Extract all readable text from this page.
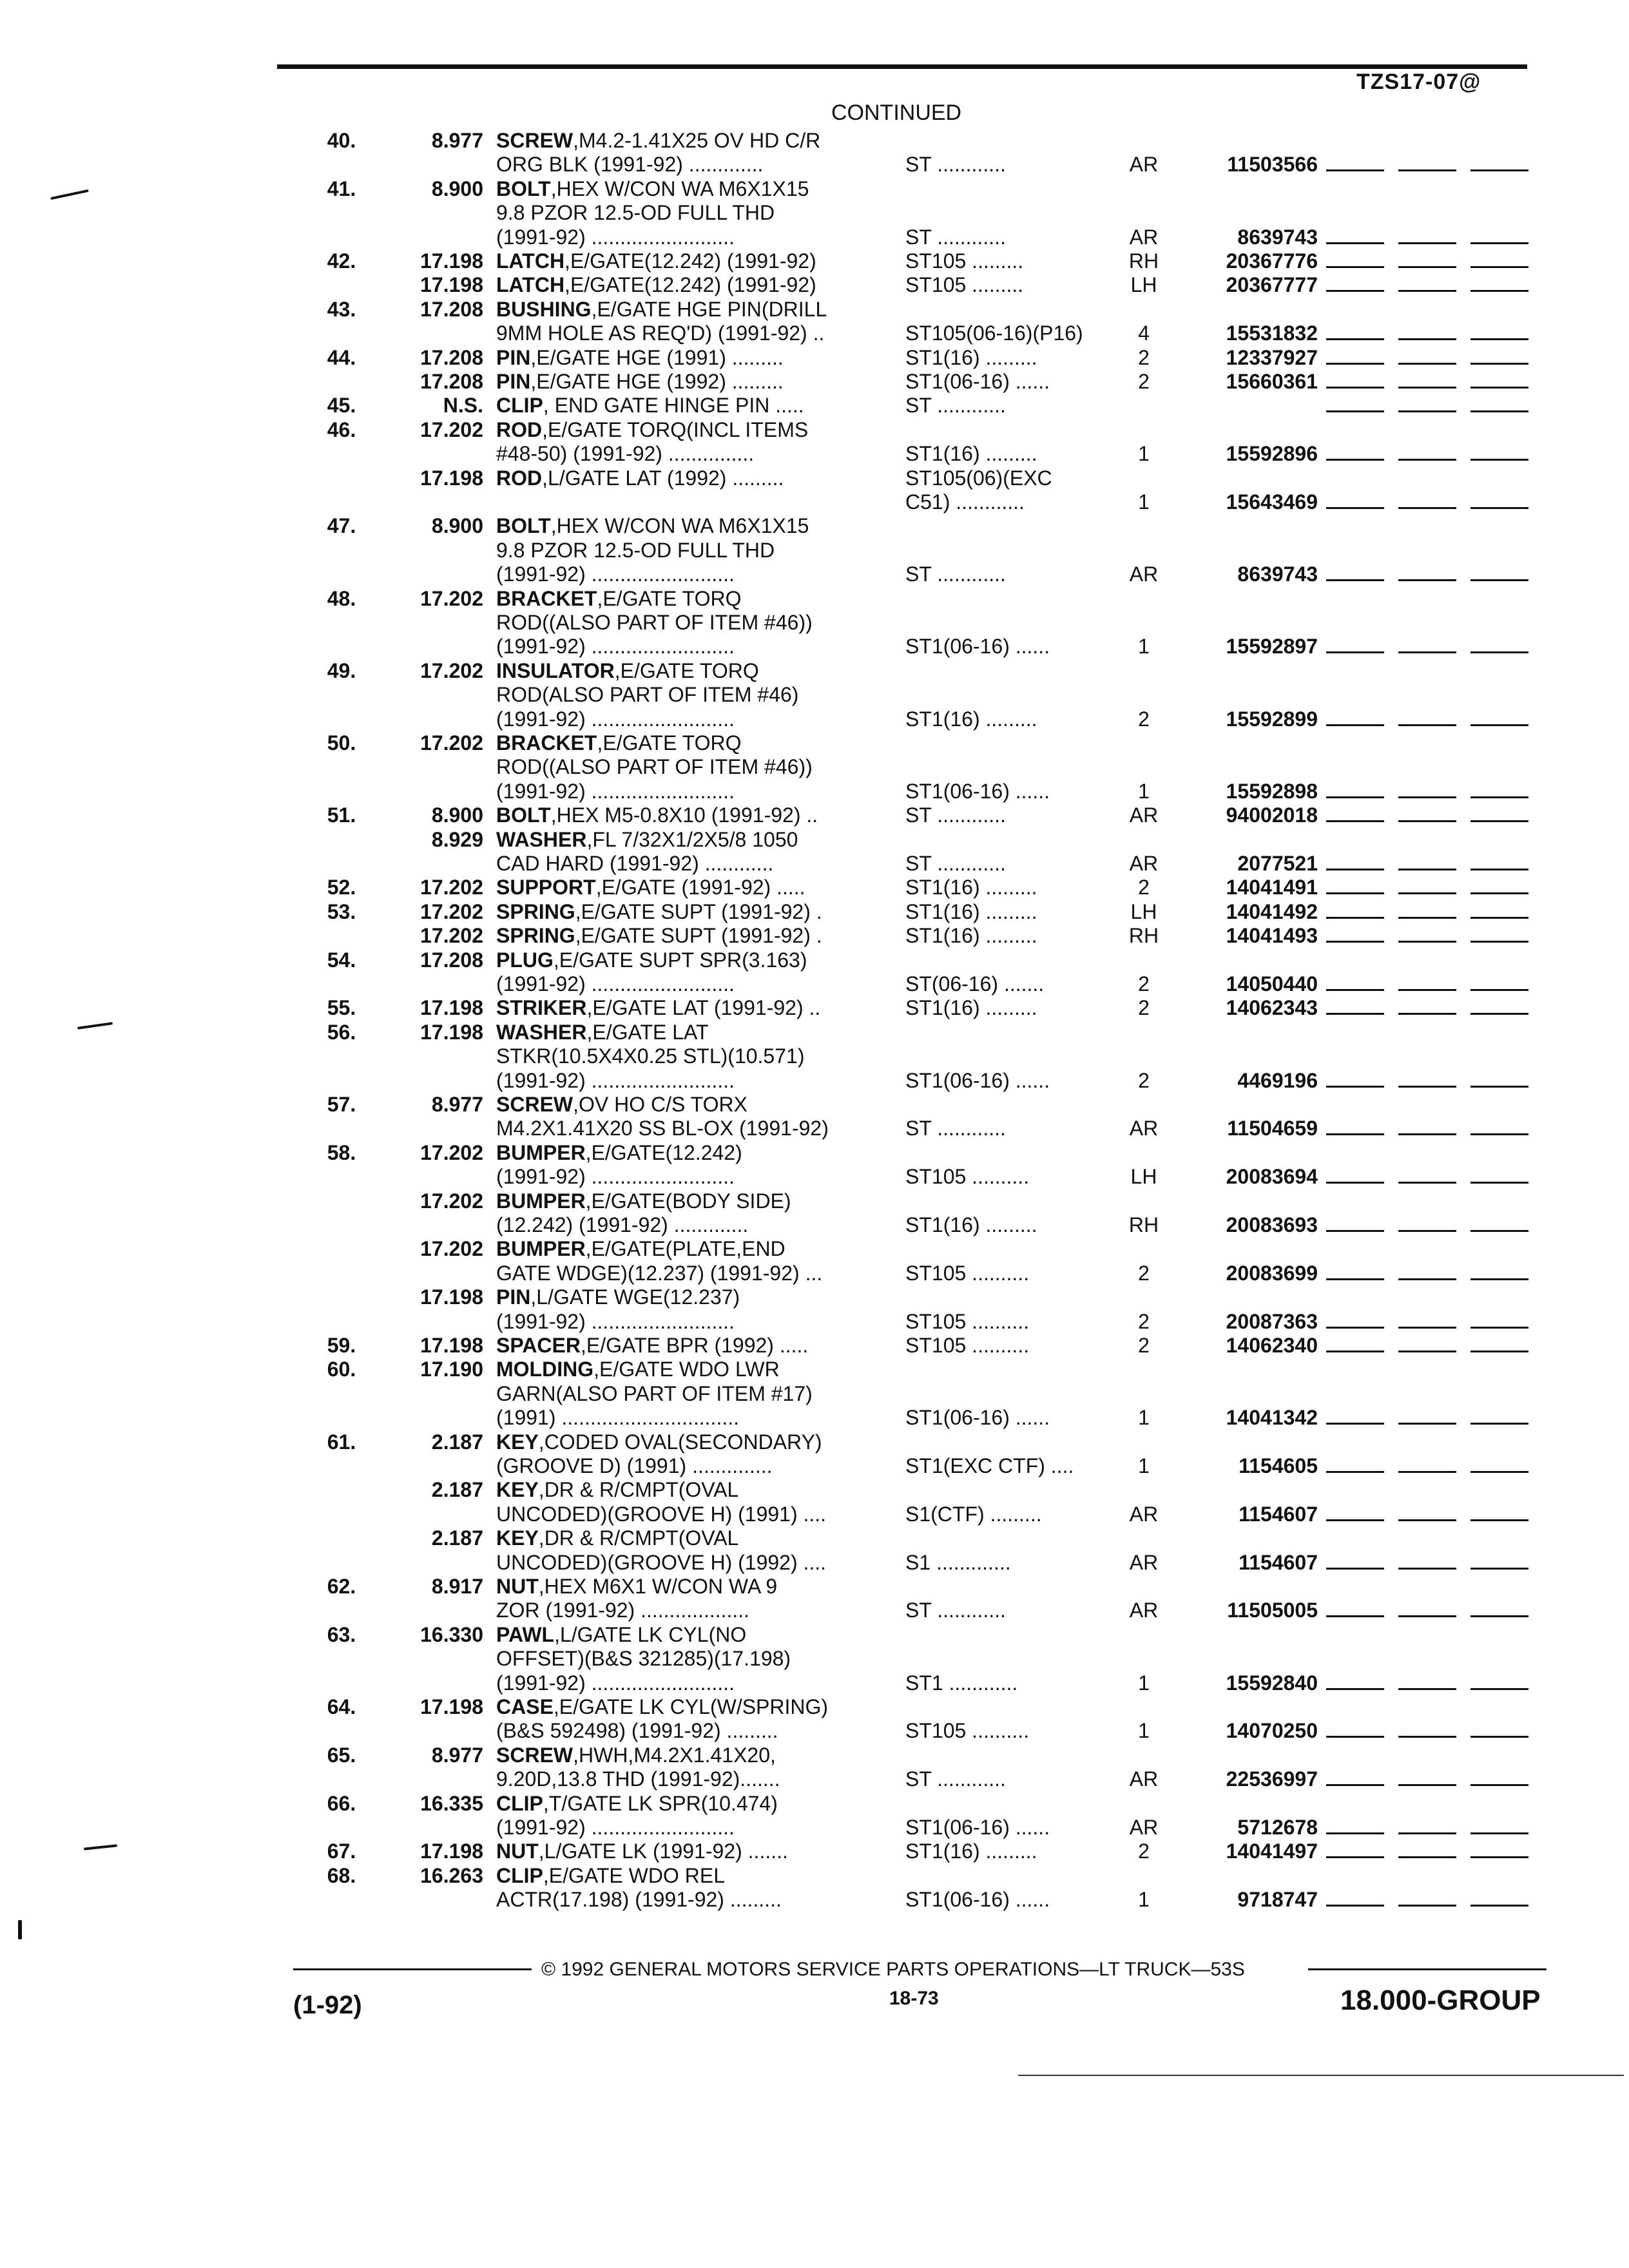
TZS17-07@
CONTINUED
40.	8.977 SCREW,M4.2-1.41X25 OV HD C/R
ORG BLK (1991-92) .............	ST ............	AR	11503566
41.	8.900 BOLT,HEX W/CON WA M6X1X15
9.8 PZOR 12.5-OD FULL THD
(1991-92) .........................	ST ............	AR	8639743
42.	17.198 LATCH,E/GATE(12.242) (1991-92)	ST105 .........	RH	20367776
17.198 LATCH,E/GATE(12.242) (1991-92)	ST105 .........	LH	20367777
43.	17.208 BUSHING,E/GATE HGE PIN(DRILL
9MM HOLE AS REQ'D) (1991-92) ..	ST105(06-16)(P16)	4	15531832
44.	17.208 PIN,E/GATE HGE (1991) .........	ST1(16) .........	2	12337927
17.208 PIN,E/GATE HGE (1992) .........	ST1(06-16) ......	2	15660361
45.	N.S. CLIP, END GATE HINGE PIN .....	ST ............
46.	17.202 ROD,E/GATE TORQ(INCL ITEMS
#48-50) (1991-92) ...............	ST1(16) .........	1	15592896
17.198 ROD,L/GATE LAT (1992) .........	ST105(06)(EXC
C51) ............	1	15643469
47.	8.900 BOLT,HEX W/CON WA M6X1X15
9.8 PZOR 12.5-OD FULL THD
(1991-92) .........................	ST ............	AR	8639743
48.	17.202 BRACKET,E/GATE TORQ
ROD((ALSO PART OF ITEM #46))
(1991-92) .........................	ST1(06-16) ......	1	15592897
49.	17.202 INSULATOR,E/GATE TORQ
ROD(ALSO PART OF ITEM #46)
(1991-92) .........................	ST1(16) .........	2	15592899
50.	17.202 BRACKET,E/GATE TORQ
ROD((ALSO PART OF ITEM #46))
(1991-92) .........................	ST1(06-16) ......	1	15592898
51.	8.900 BOLT,HEX M5-0.8X10 (1991-92) ..	ST ............	AR	94002018
8.929 WASHER,FL 7/32X1/2X5/8 1050
CAD HARD (1991-92) ............	ST ............	AR	2077521
52.	17.202 SUPPORT,E/GATE (1991-92) .....	ST1(16) .........	2	14041491
53.	17.202 SPRING,E/GATE SUPT (1991-92) .	ST1(16) .........	LH	14041492
17.202 SPRING,E/GATE SUPT (1991-92) .	ST1(16) .........	RH	14041493
54.	17.208 PLUG,E/GATE SUPT SPR(3.163)
(1991-92) .........................	ST(06-16) .......	2	14050440
55.	17.198 STRIKER,E/GATE LAT (1991-92) ..	ST1(16) .........	2	14062343
56.	17.198 WASHER,E/GATE LAT
STKR(10.5X4X0.25 STL)(10.571)
(1991-92) .........................	ST1(06-16) ......	2	4469196
57.	8.977 SCREW,OV HO C/S TORX
M4.2X1.41X20 SS BL-OX (1991-92)	ST ............	AR	11504659
58.	17.202 BUMPER,E/GATE(12.242)
(1991-92) .........................	ST105 ..........	LH	20083694
17.202 BUMPER,E/GATE(BODY SIDE)
(12.242) (1991-92) .............	ST1(16) .........	RH	20083693
17.202 BUMPER,E/GATE(PLATE,END
GATE WDGE)(12.237) (1991-92) ...	ST105 ..........	2	20083699
17.198 PIN,L/GATE WGE(12.237)
(1991-92) .........................	ST105 ..........	2	20087363
59.	17.198 SPACER,E/GATE BPR (1992) .....	ST105 ..........	2	14062340
60.	17.190 MOLDING,E/GATE WDO LWR
GARN(ALSO PART OF ITEM #17)
(1991) ...............................	ST1(06-16) ......	1	14041342
61.	2.187 KEY,CODED OVAL(SECONDARY)
(GROOVE D) (1991) ..............	ST1(EXC CTF) ....	1	1154605
2.187 KEY,DR & R/CMPT(OVAL
UNCODED)(GROOVE H) (1991) ....	S1(CTF) .........	AR	1154607
2.187 KEY,DR & R/CMPT(OVAL
UNCODED)(GROOVE H) (1992) ....	S1 .............	AR	1154607
62.	8.917 NUT,HEX M6X1 W/CON WA 9
ZOR (1991-92) ...................	ST ............	AR	11505005
63.	16.330 PAWL,L/GATE LK CYL(NO
OFFSET)(B&S 321285)(17.198)
(1991-92) .........................	ST1 ............	1	15592840
64.	17.198 CASE,E/GATE LK CYL(W/SPRING)
(B&S 592498) (1991-92) .........	ST105 ..........	1	14070250
65.	8.977 SCREW,HWH,M4.2X1.41X20,
9.20D,13.8 THD (1991-92).......	ST ............	AR	22536997
66.	16.335 CLIP,T/GATE LK SPR(10.474)
(1991-92) .........................	ST1(06-16) ......	AR	5712678
67.	17.198 NUT,L/GATE LK (1991-92) .......	ST1(16) .........	2	14041497
68.	16.263 CLIP,E/GATE WDO REL
ACTR(17.198) (1991-92) .........	ST1(06-16) ......	1	9718747
© 1992 GENERAL MOTORS SERVICE PARTS OPERATIONS—LT TRUCK—53S
(1-92)	18-73	18.000-GROUP
